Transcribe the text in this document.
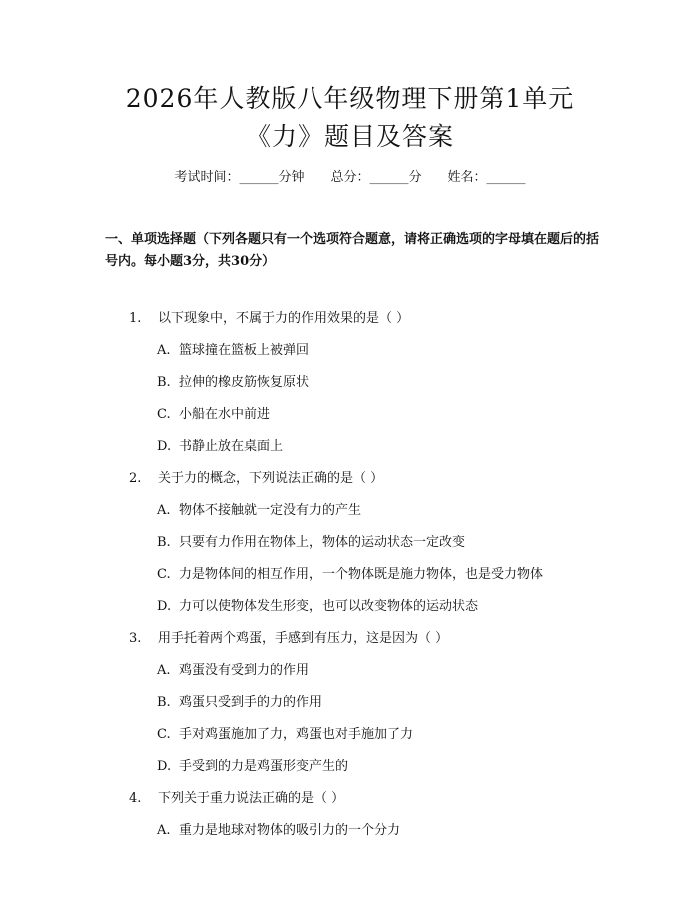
2026年人教版八年级物理下册第1单元
《力》题目及答案
考试时间：______分钟 总分：______分 姓名：______
一、单项选择题（下列各题只有一个选项符合题意，请将正确选项的字母填在题后的括号内。每小题3分，共30分）
1. 以下现象中，不属于力的作用效果的是（ ）
A. 篮球撞在篮板上被弹回
B. 拉伸的橡皮筋恢复原状
C. 小船在水中前进
D. 书静止放在桌面上
2. 关于力的概念，下列说法正确的是（ ）
A. 物体不接触就一定没有力的产生
B. 只要有力作用在物体上，物体的运动状态一定改变
C. 力是物体间的相互作用，一个物体既是施力物体，也是受力物体
D. 力可以使物体发生形变，也可以改变物体的运动状态
3. 用手托着两个鸡蛋，手感到有压力，这是因为（ ）
A. 鸡蛋没有受到力的作用
B. 鸡蛋只受到手的力的作用
C. 手对鸡蛋施加了力，鸡蛋也对手施加了力
D. 手受到的力是鸡蛋形变产生的
4. 下列关于重力说法正确的是（ ）
A. 重力是地球对物体的吸引力的一个分力
